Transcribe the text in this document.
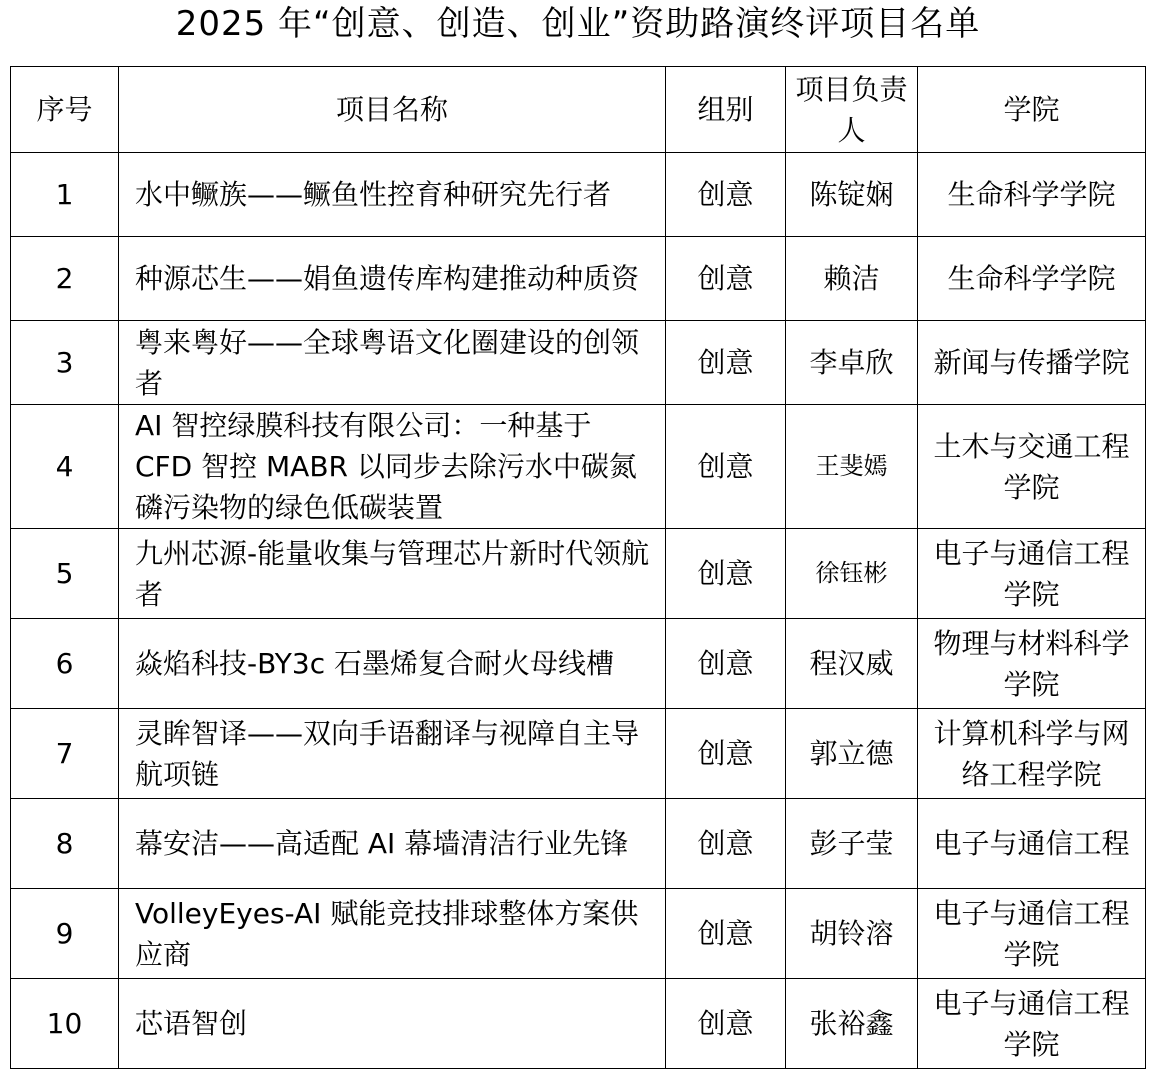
2025 年“创意、创造、创业”资助路演终评项目名单
序号	项目名称	组别	项目负责人	学院
1	水中鳜族——鳜鱼性控育种研究先行者	创意	陈锭娴	生命科学学院
2	种源芯生——娟鱼遗传库构建推动种质资	创意	赖洁	生命科学学院
3	粤来粤好——全球粤语文化圈建设的创领者	创意	李卓欣	新闻与传播学院
4	AI 智控绿膜科技有限公司：一种基于 CFD 智控 MABR 以同步去除污水中碳氮磷污染物的绿色低碳装置	创意	王斐嫣	土木与交通工程学院
5	九州芯源-能量收集与管理芯片新时代领航者	创意	徐钰彬	电子与通信工程学院
6	焱焰科技-BY3c 石墨烯复合耐火母线槽	创意	程汉威	物理与材料科学学院
7	灵眸智译——双向手语翻译与视障自主导航项链	创意	郭立德	计算机科学与网络工程学院
8	幕安洁——高适配 AI 幕墙清洁行业先锋	创意	彭子莹	电子与通信工程
9	VolleyEyes-AI 赋能竞技排球整体方案供应商	创意	胡铃溶	电子与通信工程学院
10	芯语智创	创意	张裕鑫	电子与通信工程学院
